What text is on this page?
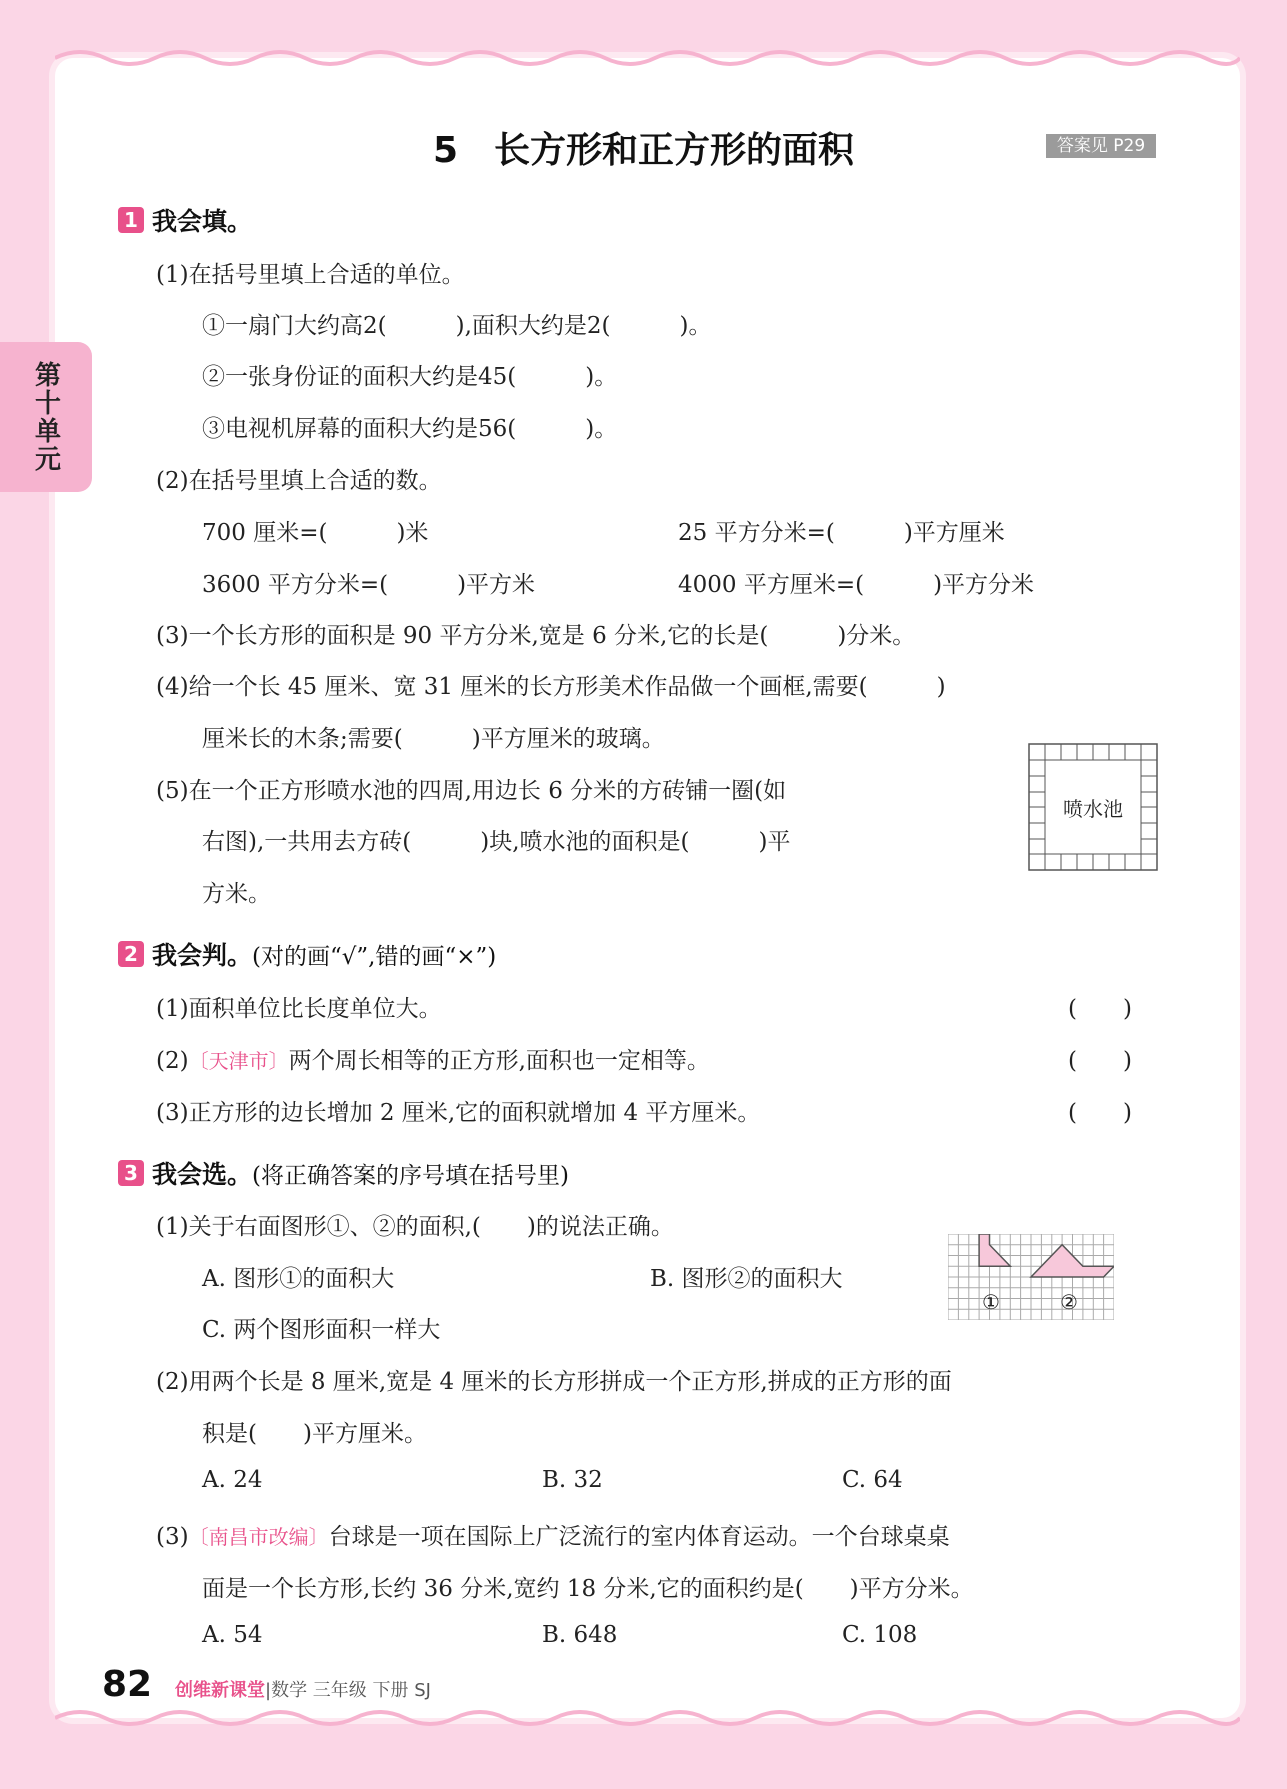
第十单元
5　长方形和正方形的面积	答案见 P29
1 我会填。
(1)在括号里填上合适的单位。
①一扇门大约高2(　　　),面积大约是2(　　　)。
②一张身份证的面积大约是45(　　　)。
③电视机屏幕的面积大约是56(　　　)。
(2)在括号里填上合适的数。
700 厘米=(　　　)米	25 平方分米=(　　　)平方厘米
3600 平方分米=(　　　)平方米	4000 平方厘米=(　　　)平方分米
(3)一个长方形的面积是 90 平方分米,宽是 6 分米,它的长是(　　　)分米。
(4)给一个长 45 厘米、宽 31 厘米的长方形美术作品做一个画框,需要(　　　)
厘米长的木条;需要(　　　)平方厘米的玻璃。
(5)在一个正方形喷水池的四周,用边长 6 分米的方砖铺一圈(如
右图),一共用去方砖(　　　)块,喷水池的面积是(　　　)平
方米。
喷水池
2 我会判。 (对的画“√”,错的画“×”)
(1)面积单位比长度单位大。	(　　)
(2)〔天津市〕两个周长相等的正方形,面积也一定相等。	(　　)
(3)正方形的边长增加 2 厘米,它的面积就增加 4 平方厘米。	(　　)
3 我会选。 (将正确答案的序号填在括号里)
(1)关于右面图形①、②的面积,(　　)的说法正确。
A. 图形①的面积大	B. 图形②的面积大
C. 两个图形面积一样大
①	②
(2)用两个长是 8 厘米,宽是 4 厘米的长方形拼成一个正方形,拼成的正方形的面
积是(　　)平方厘米。
A. 24	B. 32	C. 64
(3)〔南昌市改编〕台球是一项在国际上广泛流行的室内体育运动。一个台球桌桌
面是一个长方形,长约 36 分米,宽约 18 分米,它的面积约是(　　)平方分米。
A. 54	B. 648	C. 108
82 创维新课堂|数学 三年级 下册 SJ
